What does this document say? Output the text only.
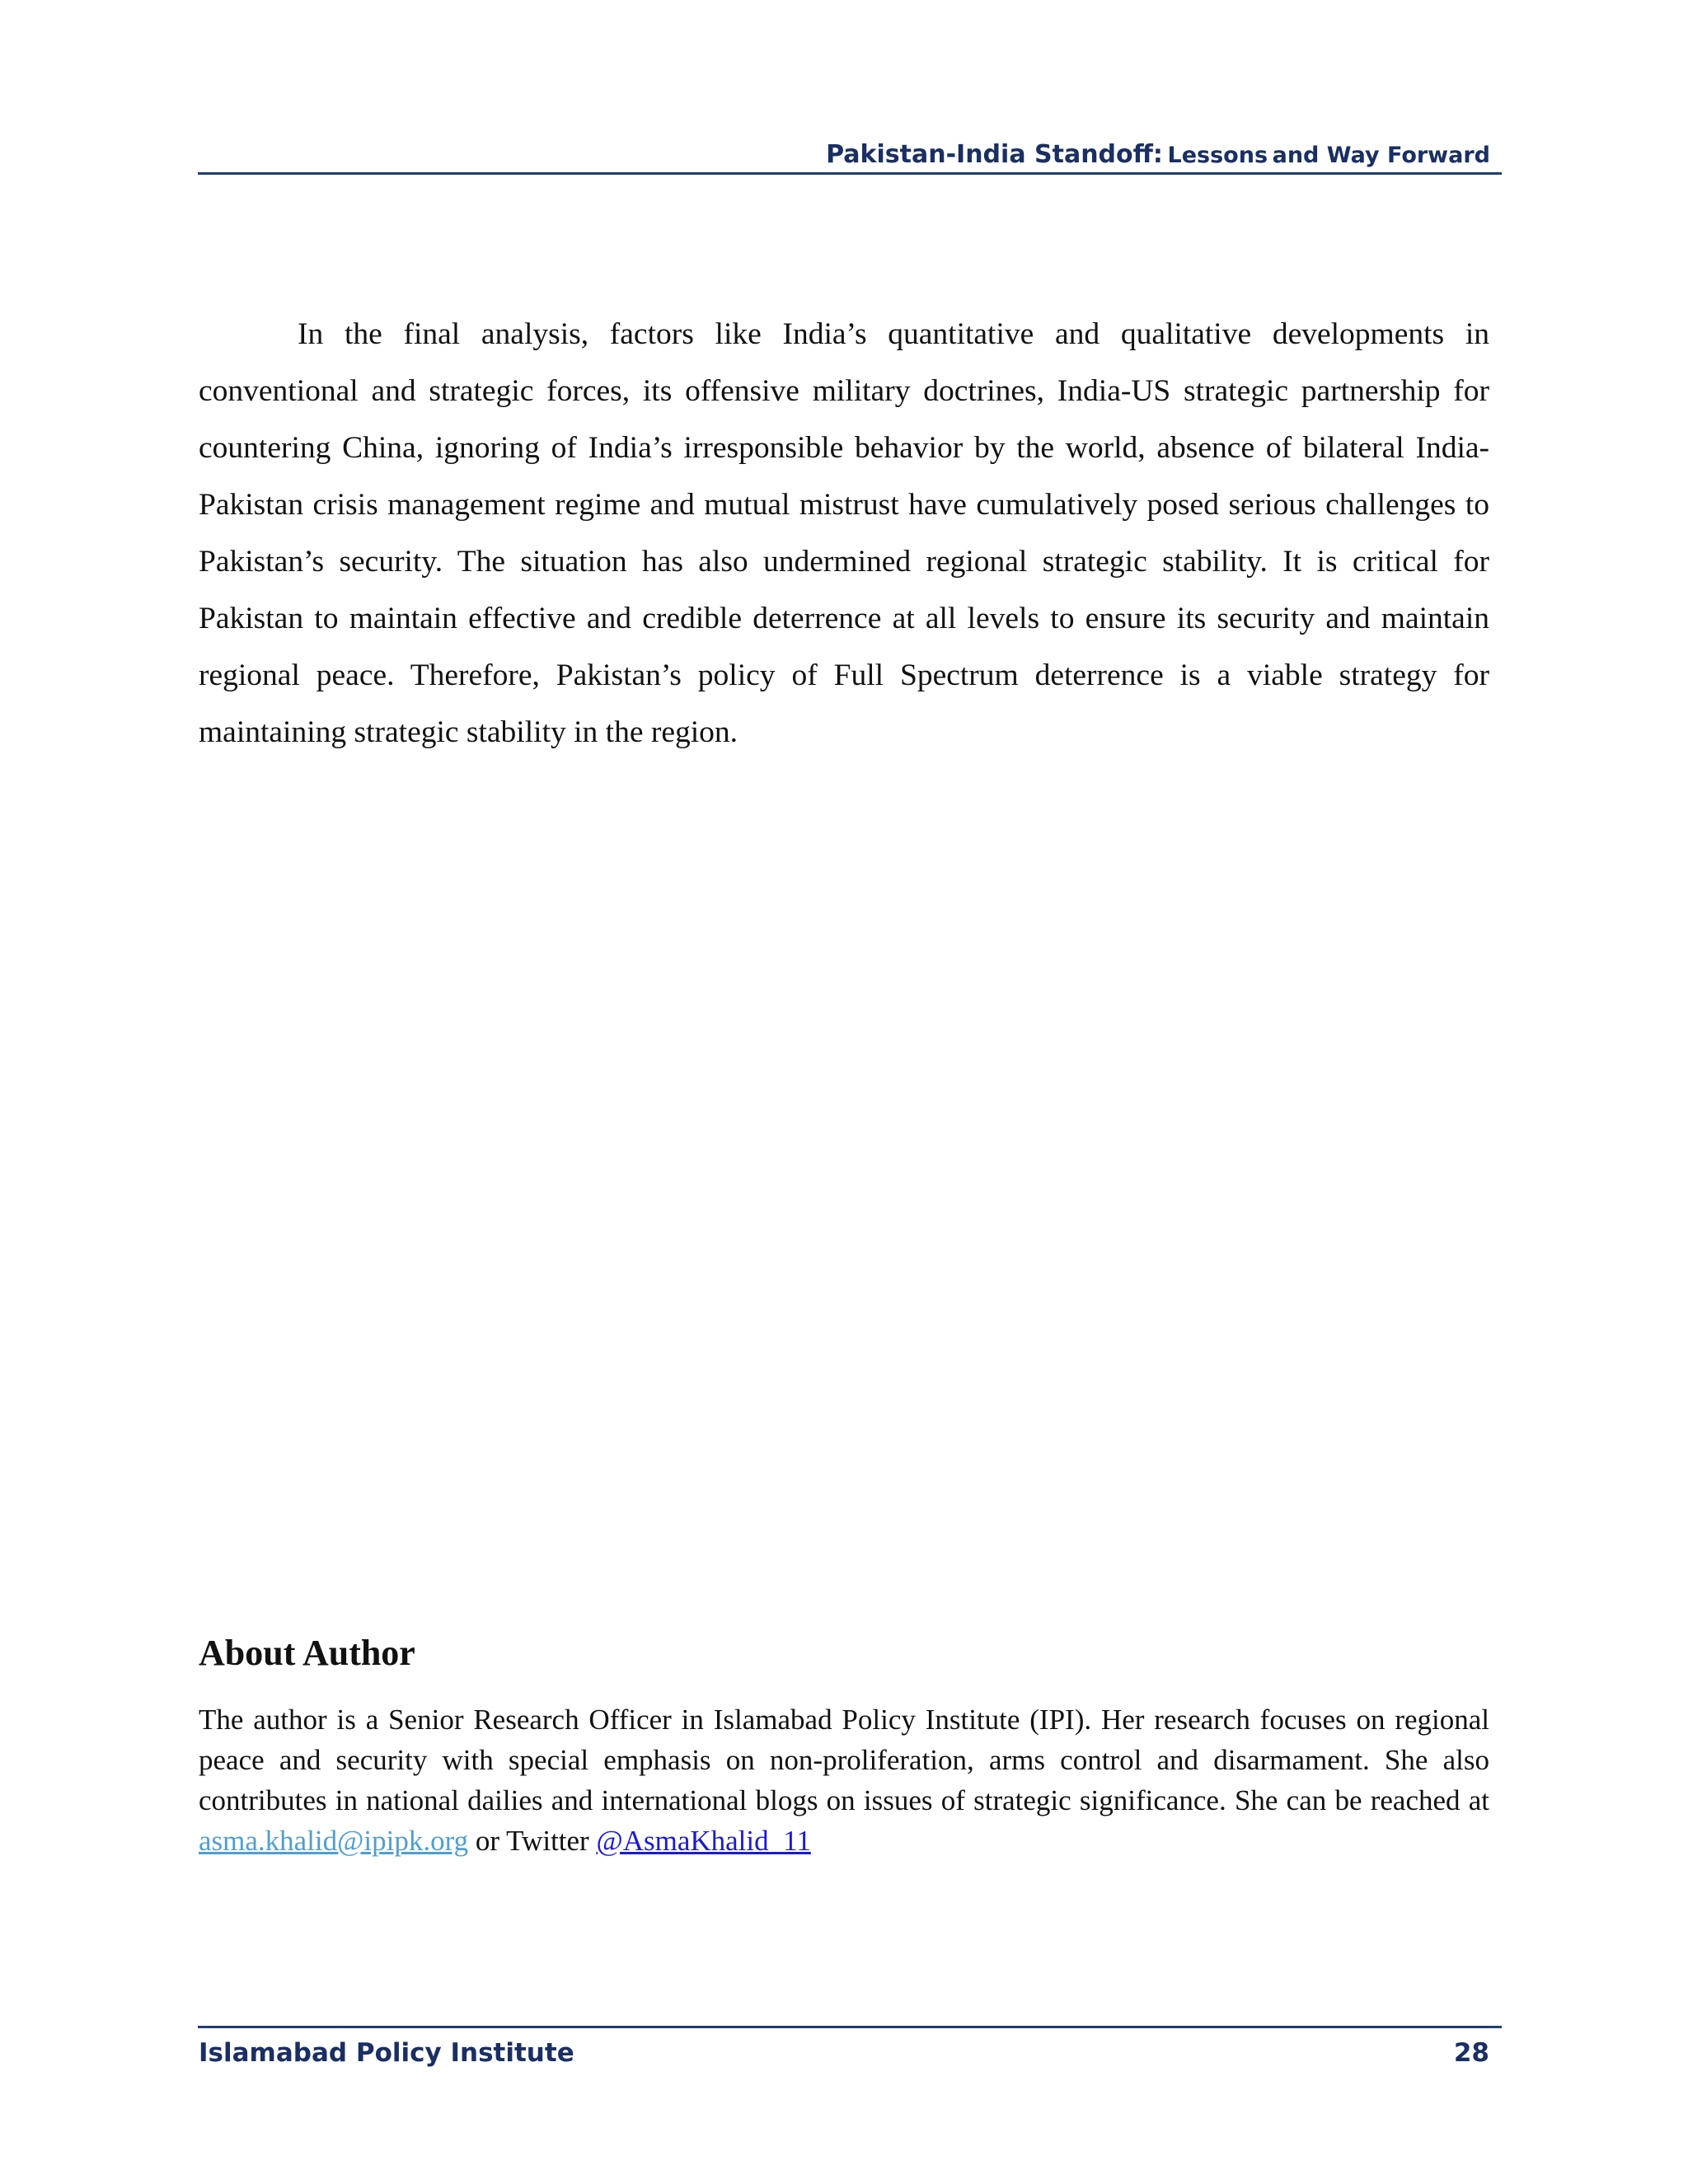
Pakistan-India Standoff: Lessons and Way Forward

In the final analysis, factors like India’s quantitative and qualitative developments in conventional and strategic forces, its offensive military doctrines, India-US strategic partnership for countering China, ignoring of India’s irresponsible behavior by the world, absence of bilateral India-Pakistan crisis management regime and mutual mistrust have cumulatively posed serious challenges to Pakistan’s security. The situation has also undermined regional strategic stability. It is critical for Pakistan to maintain effective and credible deterrence at all levels to ensure its security and maintain regional peace. Therefore, Pakistan’s policy of Full Spectrum deterrence is a viable strategy for maintaining strategic stability in the region.

About Author

The author is a Senior Research Officer in Islamabad Policy Institute (IPI). Her research focuses on regional peace and security with special emphasis on non-proliferation, arms control and disarmament. She also contributes in national dailies and international blogs on issues of strategic significance. She can be reached at asma.khalid@ipipk.org or Twitter @AsmaKhalid_11

Islamabad Policy Institute	28
